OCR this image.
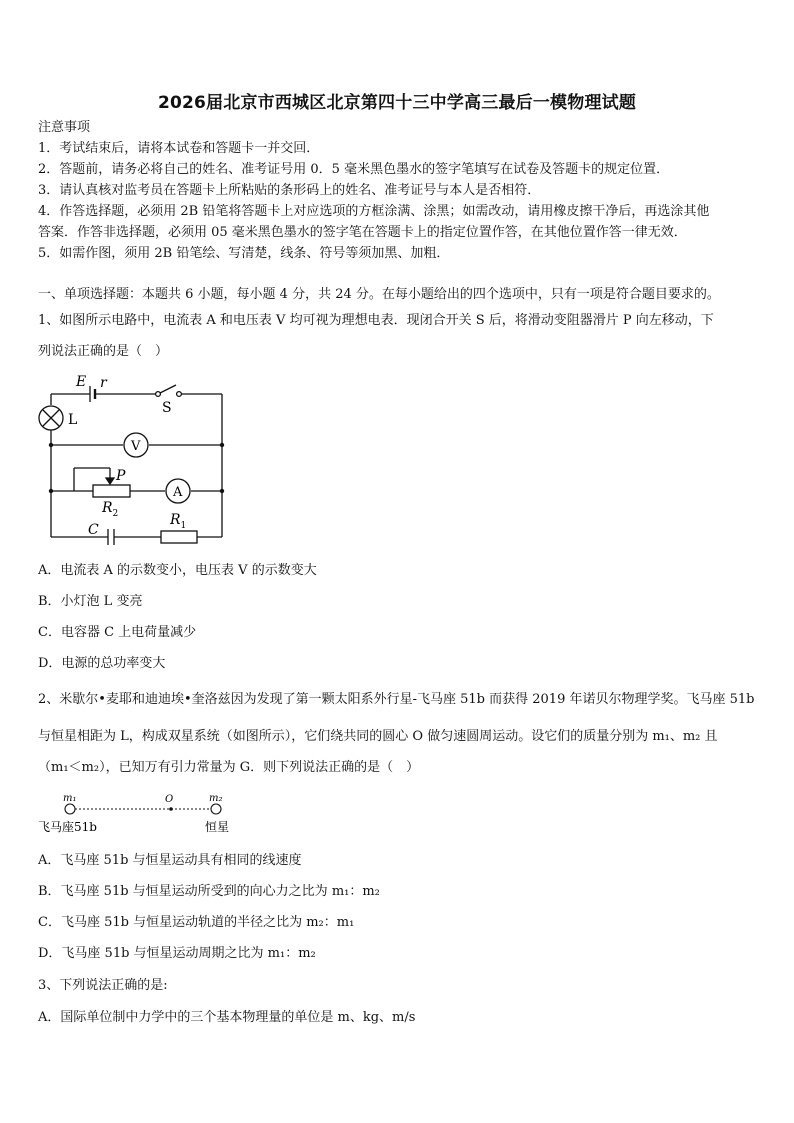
2026届北京市西城区北京第四十三中学高三最后一模物理试题
注意事项
1．考试结束后，请将本试卷和答题卡一并交回．
2．答题前，请务必将自己的姓名、准考证号用 0．5 毫米黑色墨水的签字笔填写在试卷及答题卡的规定位置．
3．请认真核对监考员在答题卡上所粘贴的条形码上的姓名、准考证号与本人是否相符．
4．作答选择题，必须用 2B 铅笔将答题卡上对应选项的方框涂满、涂黑；如需改动，请用橡皮擦干净后，再选涂其他
答案．作答非选择题，必须用 05 毫米黑色墨水的签字笔在答题卡上的指定位置作答，在其他位置作答一律无效．
5．如需作图，须用 2B 铅笔绘、写清楚，线条、符号等须加黑、加粗．
一、单项选择题：本题共 6 小题，每小题 4 分，共 24 分。在每小题给出的四个选项中，只有一项是符合题目要求的。
1、如图所示电路中，电流表 A 和电压表 V 均可视为理想电表．现闭合开关 S 后，将滑动变阻器滑片 P 向左移动，下
列说法正确的是（　）
E r
S
L
V
A
P
$R_2$	$R_1$
C
A．电流表 A 的示数变小，电压表 V 的示数变大
B．小灯泡 L 变亮
C．电容器 C 上电荷量减少
D．电源的总功率变大
2、米歇尔•麦耶和迪迪埃•奎洛兹因为发现了第一颗太阳系外行星-飞马座 51b 而获得 2019 年诺贝尔物理学奖。飞马座 51b
与恒星相距为 L，构成双星系统（如图所示），它们绕共同的圆心 O 做匀速圆周运动。设它们的质量分别为 m₁、m₂ 且
（m₁＜m₂），已知万有引力常量为 G．则下列说法正确的是（　）
m₁	O	m₂
飞马座51b	恒星
A．飞马座 51b 与恒星运动具有相同的线速度
B．飞马座 51b 与恒星运动所受到的向心力之比为 m₁：m₂
C．飞马座 51b 与恒星运动轨道的半径之比为 m₂：m₁
D．飞马座 51b 与恒星运动周期之比为 m₁：m₂
3、下列说法正确的是:
A．国际单位制中力学中的三个基本物理量的单位是 m、kg、m/s
